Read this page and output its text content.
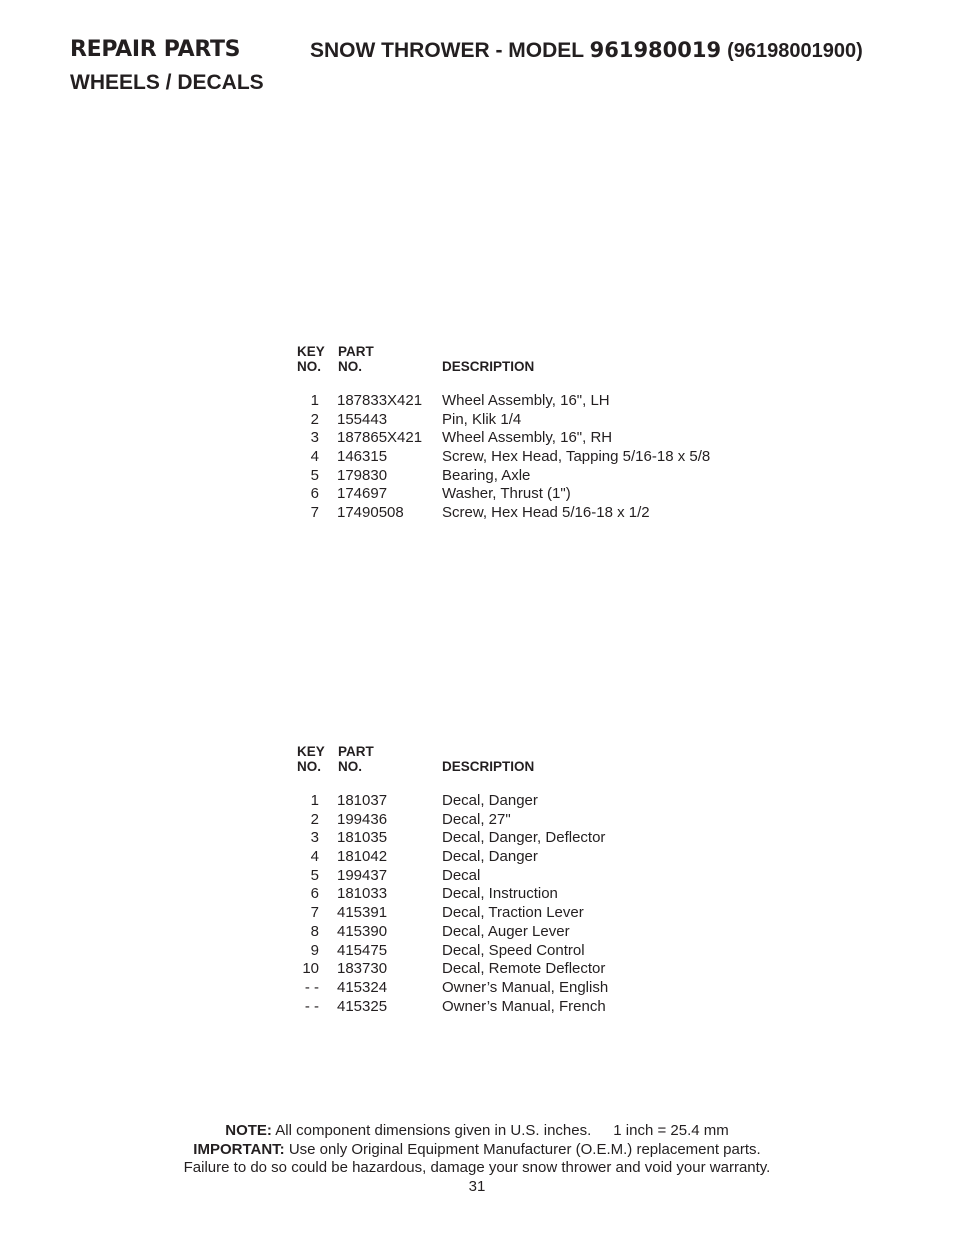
REPAIR PARTS	SNOW THROWER - MODEL 961980019 (96198001900)
WHEELS / DECALS
KEY
NO.
PART
NO.	DESCRIPTION
1 187833X421 Wheel Assembly, 16", LH
2 155443	Pin, Klik 1/4
3 187865X421 Wheel Assembly, 16", RH
4 146315	Screw, Hex Head, Tapping 5/16-18 x 5/8
5 179830	Bearing, Axle
6 174697	Washer, Thrust (1")
7 17490508	Screw, Hex Head 5/16-18 x 1/2
KEY
NO.
PART
NO.	DESCRIPTION
1 181037	Decal, Danger
2 199436	Decal, 27"
3 181035	Decal, Danger, Deflector
4 181042	Decal, Danger
5 199437	Decal
6 181033	Decal, Instruction
7 415391	Decal, Traction Lever
8 415390	Decal, Auger Lever
9 415475	Decal, Speed Control
10 183730	Decal, Remote Deflector
- - 415324	Owner’s Manual, English
- - 415325	Owner’s Manual, French
NOTE: All component dimensions given in U.S. inches. 1 inch = 25.4 mm
IMPORTANT: Use only Original Equipment Manufacturer (O.E.M.) replacement parts.
Failure to do so could be hazardous, damage your snow thrower and void your warranty.
31
